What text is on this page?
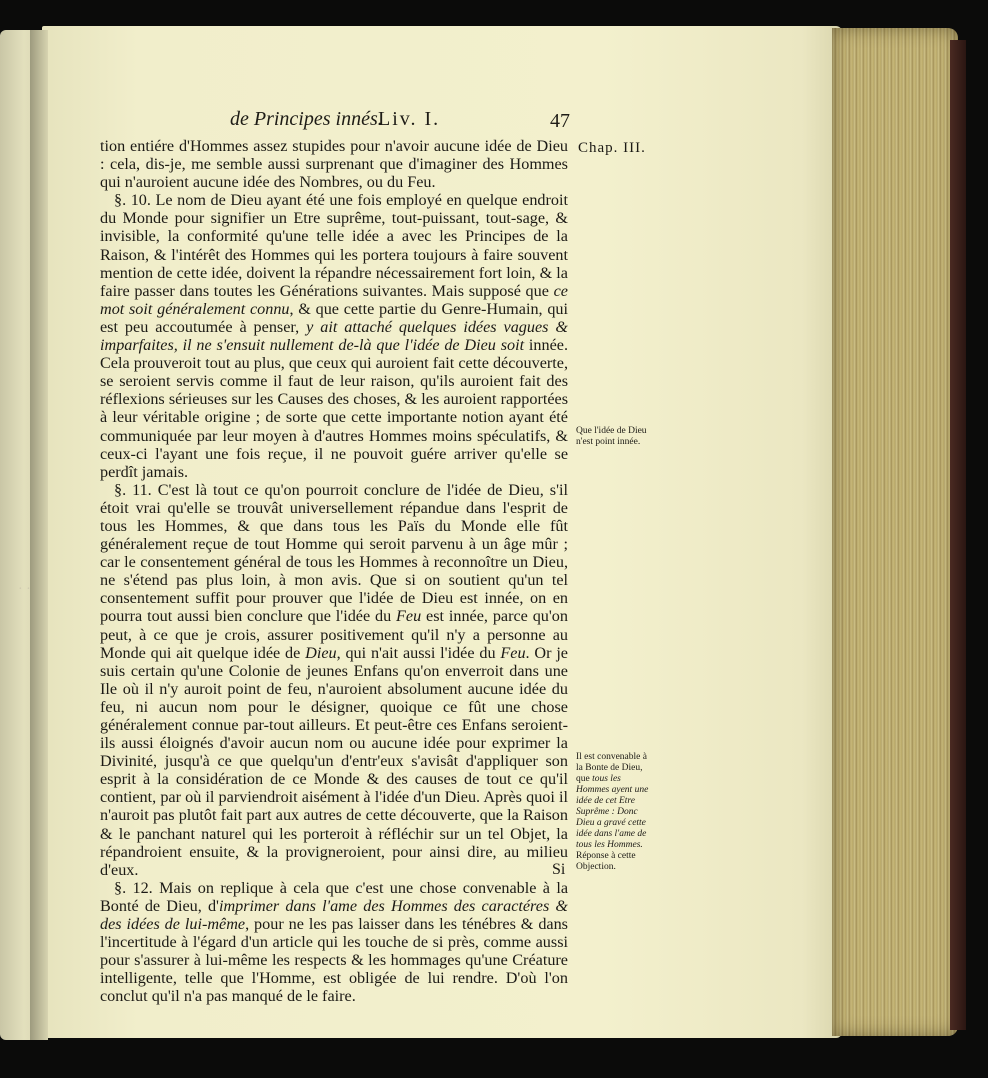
de Principes innés.
Liv. I.	47

tion entiére d'Hommes assez stupides pour n'avoir aucune idée de Dieu : cela, dis-je, me semble aussi surprenant que d'imaginer des Hommes qui n'auroient aucune idée des Nombres, ou du Feu.

§. 10. Le nom de Dieu ayant été une fois employé en quelque endroit du Monde pour signifier un Etre suprême, tout-puissant, tout-sage, & invisible, la conformité qu'une telle idée a avec les Principes de la Raison, & l'intérêt des Hommes qui les portera toujours à faire souvent mention de cette idée, doivent la répandre nécessairement fort loin, & la faire passer dans toutes les Générations suivantes. Mais supposé que ce mot soit généralement connu, & que cette partie du Genre-Humain, qui est peu accoutumée à penser, y ait attaché quelques idées vagues & imparfaites, il ne s'ensuit nullement de-là que l'idée de Dieu soit innée. Cela prouveroit tout au plus, que ceux qui auroient fait cette découverte, se seroient servis comme il faut de leur raison, qu'ils auroient fait des réflexions sérieuses sur les Causes des choses, & les auroient rapportées à leur véritable origine ; de sorte que cette importante notion ayant été communiquée par leur moyen à d'autres Hommes moins spéculatifs, & ceux-ci l'ayant une fois reçue, il ne pouvoit guére arriver qu'elle se perdît jamais.

§. 11. C'est là tout ce qu'on pourroit conclure de l'idée de Dieu, s'il étoit vrai qu'elle se trouvât universellement répandue dans l'esprit de tous les Hommes, & que dans tous les Païs du Monde elle fût généralement reçue de tout Homme qui seroit parvenu à un âge mûr ; car le consentement général de tous les Hommes à reconnoître un Dieu, ne s'étend pas plus loin, à mon avis. Que si on soutient qu'un tel consentement suffit pour prouver que l'idée de Dieu est innée, on en pourra tout aussi bien conclure que l'idée du Feu est innée, parce qu'on peut, à ce que je crois, assurer positivement qu'il n'y a personne au Monde qui ait quelque idée de Dieu, qui n'ait aussi l'idée du Feu. Or je suis certain qu'une Colonie de jeunes Enfans qu'on enverroit dans une Ile où il n'y auroit point de feu, n'auroient absolument aucune idée du feu, ni aucun nom pour le désigner, quoique ce fût une chose généralement connue par-tout ailleurs. Et peut-être ces Enfans seroient-ils aussi éloignés d'avoir aucun nom ou aucune idée pour exprimer la Divinité, jusqu'à ce que quelqu'un d'entr'eux s'avisât d'appliquer son esprit à la considération de ce Monde & des causes de tout ce qu'il contient, par où il parviendroit aisément à l'idée d'un Dieu. Après quoi il n'auroit pas plutôt fait part aux autres de cette découverte, que la Raison & le panchant naturel qui les porteroit à réfléchir sur un tel Objet, la répandroient ensuite, & la provigneroient, pour ainsi dire, au milieu d'eux.

§. 12. Mais on replique à cela que c'est une chose convenable à la Bonté de Dieu, d'imprimer dans l'ame des Hommes des caractéres & des idées de lui-même, pour ne les pas laisser dans les ténébres & dans l'incertitude à l'égard d'un article qui les touche de si près, comme aussi pour s'assurer à lui-même les respects & les hommages qu'une Créature intelligente, telle que l'Homme, est obligée de lui rendre. D'où l'on conclut qu'il n'a pas manqué de le faire.

Si
Chap. III.
Que l'idée de Dieu n'est point innée.
Il est convenable à la Bonte de Dieu, que tous les Hommes ayent une idée de cet Etre Suprême : Donc Dieu a gravé cette idée dans l'ame de tous les Hommes. Réponse à cette Objection.
· ·
